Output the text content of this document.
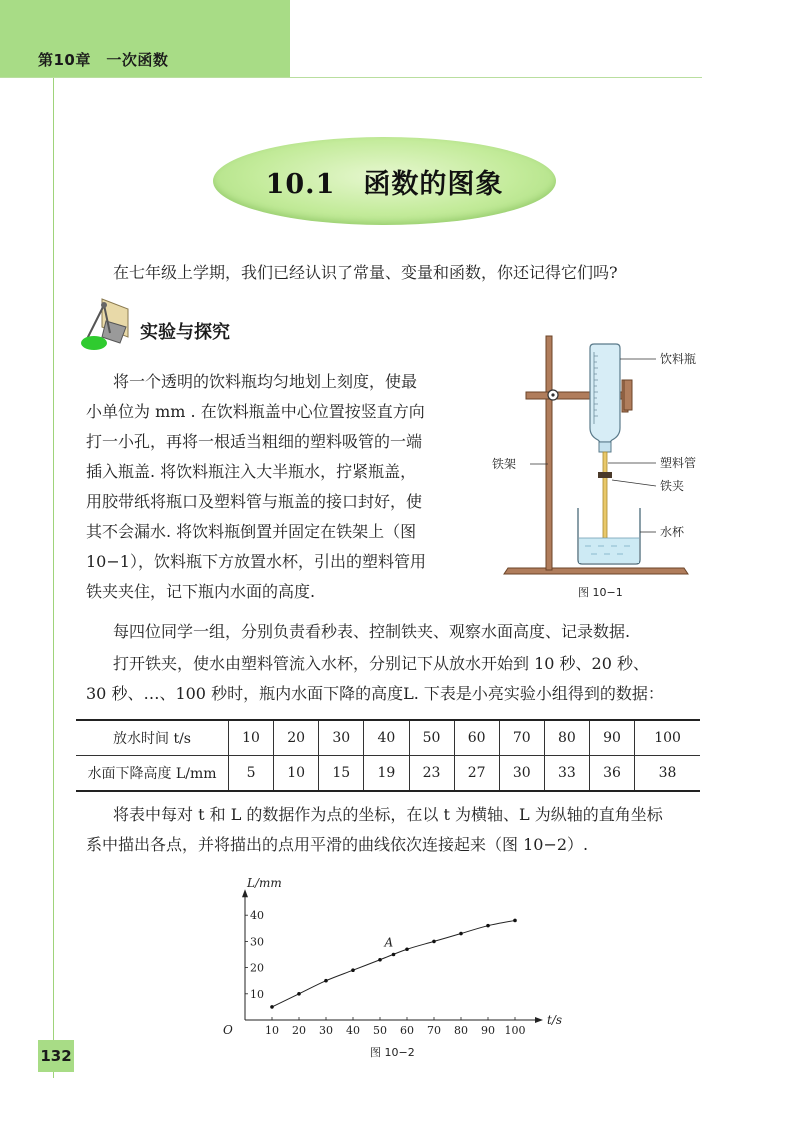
第10章　一次函数
10.1　函数的图象

在七年级上学期，我们已经认识了常量、变量和函数，你还记得它们吗?

实验与探究

将一个透明的饮料瓶均匀地划上刻度，使最

小单位为 mm . 在饮料瓶盖中心位置按竖直方向

打一小孔，再将一根适当粗细的塑料吸管的一端

插入瓶盖. 将饮料瓶注入大半瓶水，拧紧瓶盖，

用胶带纸将瓶口及塑料管与瓶盖的接口封好，使

其不会漏水. 将饮料瓶倒置并固定在铁架上（图

10−1），饮料瓶下方放置水杯，引出的塑料管用

铁夹夹住，记下瓶内水面的高度.

饮料瓶
铁架	塑料管
铁夹
水杯
图 10−1

每四位同学一组，分别负责看秒表、控制铁夹、观察水面高度、记录数据.

打开铁夹，使水由塑料管流入水杯，分别记下从放水开始到 10 秒、20 秒、

30 秒、…、100 秒时，瓶内水面下降的高度L. 下表是小亮实验小组得到的数据：

放水时间 t/s	10	20	30	40	50	60	70	80	90	100
水面下降高度 L/mm	5	10	15	19	23	27	30	33	36	38

将表中每对 t 和 L 的数据作为点的坐标，在以 t 为横轴、L 为纵轴的直角坐标

系中描出各点，并将描出的点用平滑的曲线依次连接起来（图 10−2）.

10 20 30 40 50 60 70 80 90 100
10
20
30
40
t/s
L/mm
O
A
图 10−2
132
